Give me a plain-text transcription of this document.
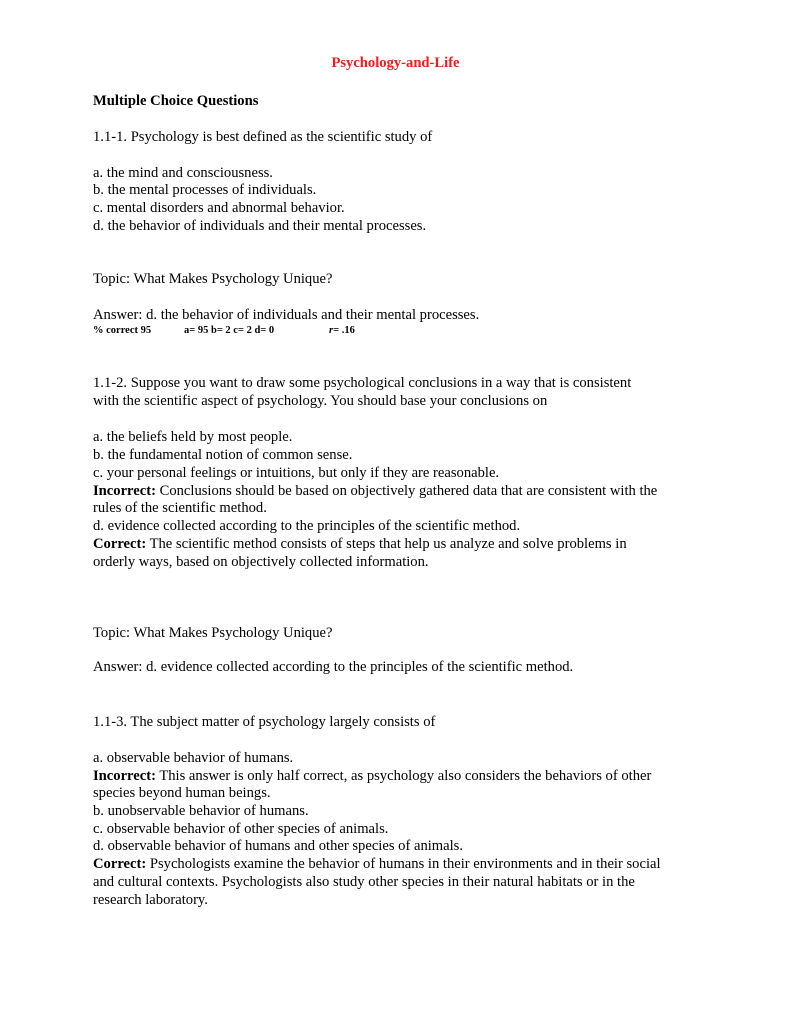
Psychology-and-Life
Multiple Choice Questions
1.1-1. Psychology is best defined as the scientific study of
a. the mind and consciousness.
b. the mental processes of individuals.
c. mental disorders and abnormal behavior.
d. the behavior of individuals and their mental processes.
Topic: What Makes Psychology Unique?
Answer: d. the behavior of individuals and their mental processes.
% correct 95	a= 95 b= 2 c= 2 d= 0	r= .16
1.1-2. Suppose you want to draw some psychological conclusions in a way that is consistent
with the scientific aspect of psychology. You should base your conclusions on
a. the beliefs held by most people.
b. the fundamental notion of common sense.
c. your personal feelings or intuitions, but only if they are reasonable.
Incorrect: Conclusions should be based on objectively gathered data that are consistent with the
rules of the scientific method.
d. evidence collected according to the principles of the scientific method.
Correct: The scientific method consists of steps that help us analyze and solve problems in
orderly ways, based on objectively collected information.
Topic: What Makes Psychology Unique?
Answer: d. evidence collected according to the principles of the scientific method.
1.1-3. The subject matter of psychology largely consists of
a. observable behavior of humans.
Incorrect: This answer is only half correct, as psychology also considers the behaviors of other
species beyond human beings.
b. unobservable behavior of humans.
c. observable behavior of other species of animals.
d. observable behavior of humans and other species of animals.
Correct: Psychologists examine the behavior of humans in their environments and in their social
and cultural contexts. Psychologists also study other species in their natural habitats or in the
research laboratory.
